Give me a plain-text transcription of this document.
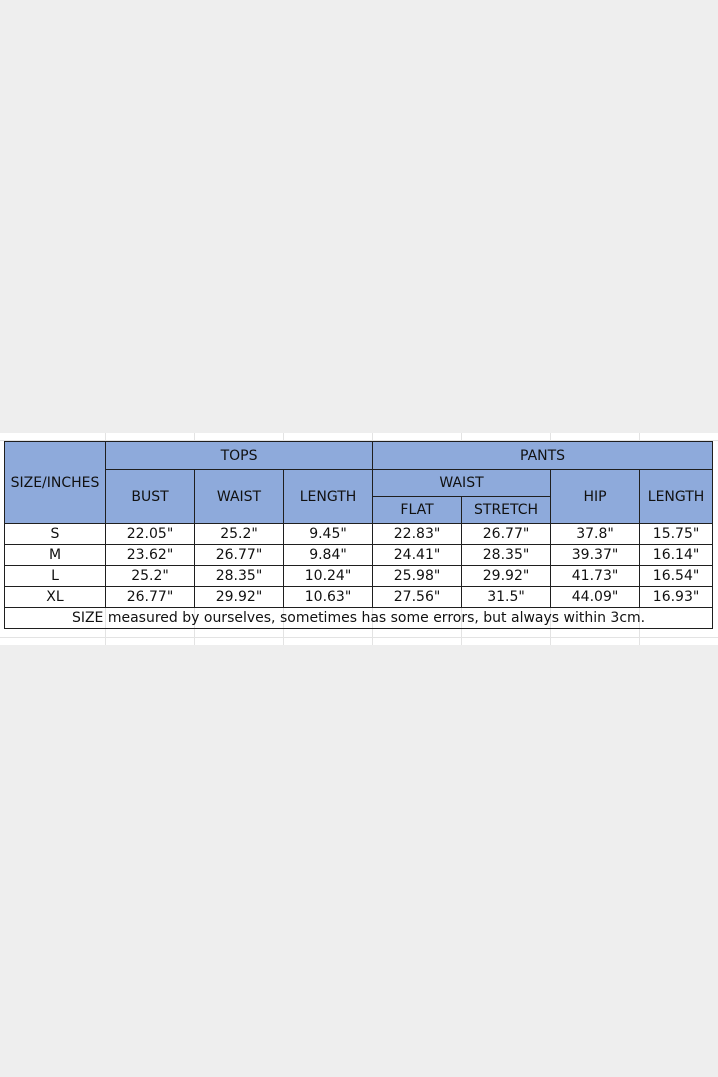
SIZE/INCHES	TOPS			PANTS			
	BUST	WAIST	LENGTH	WAIST		HIP	LENGTH
				FLAT	STRETCH		
S	22.05"	25.2"	9.45"	22.83"	26.77"	37.8"	15.75"
M	23.62"	26.77"	9.84"	24.41"	28.35"	39.37"	16.14"
L	25.2"	28.35"	10.24"	25.98"	29.92"	41.73"	16.54"
XL	26.77"	29.92"	10.63"	27.56"	31.5"	44.09"	16.93"
SIZE measured by ourselves, sometimes has some errors, but always within 3cm.							
